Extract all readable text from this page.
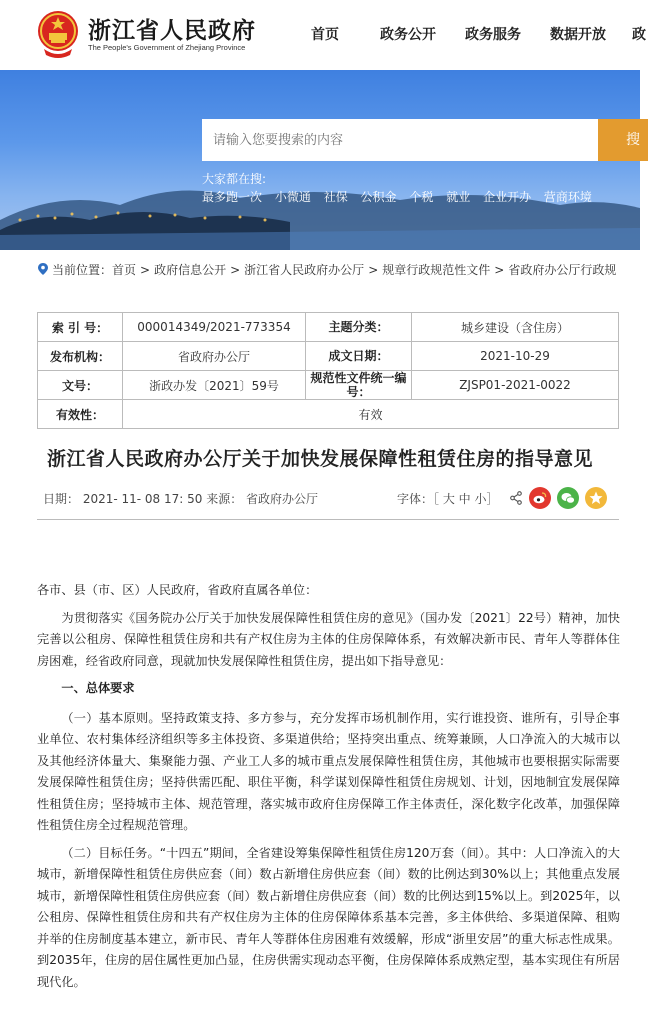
浙江省人民政府
The People's Government of Zhejiang Province
首页	政务公开 政务服务 数据开放 政
请输入您要搜索的内容
搜
大家都在搜:
最多跑一次 小微通 社保 公积金 个税 就业 企业开办 营商环境
当前位置：首页 > 政府信息公开 > 浙江省人民政府办公厅 > 规章行政规范性文件 > 省政府办公厅行政规
索 引 号：	000014349/2021-773354	主题分类：	城乡建设（含住房）
发布机构：	省政府办公厅	成文日期：	2021-10-29
文号：	浙政办发〔2021〕59号	规范性文件统一编号：	ZJSP01-2021-0022
有效性：	有效		
浙江省人民政府办公厅关于加快发展保障性租赁住房的指导意见
日期： 2021- 11- 08 17: 50 来源： 省政府办公厅	字体：［ 大 中 小］

各市、县（市、区）人民政府，省政府直属各单位：

为贯彻落实《国务院办公厅关于加快发展保障性租赁住房的意见》（国办发〔2021〕22号）精神，加快完善以公租房、保障性租赁住房和共有产权住房为主体的住房保障体系，有效解决新市民、青年人等群体住房困难，经省政府同意，现就加快发展保障性租赁住房，提出如下指导意见：

一、总体要求

（一）基本原则。坚持政策支持、多方参与，充分发挥市场机制作用，实行谁投资、谁所有，引导企事业单位、农村集体经济组织等多主体投资、多渠道供给；坚持突出重点、统筹兼顾，人口净流入的大城市以及其他经济体量大、集聚能力强、产业工人多的城市重点发展保障性租赁住房，其他城市也要根据实际需要发展保障性租赁住房；坚持供需匹配、职住平衡，科学谋划保障性租赁住房规划、计划，因地制宜发展保障性租赁住房；坚持城市主体、规范管理，落实城市政府住房保障工作主体责任，深化数字化改革，加强保障性租赁住房全过程规范管理。

（二）目标任务。“十四五”期间，全省建设筹集保障性租赁住房120万套（间）。其中：人口净流入的大城市，新增保障性租赁住房供应套（间）数占新增住房供应套（间）数的比例达到30%以上；其他重点发展城市，新增保障性租赁住房供应套（间）数占新增住房供应套（间）数的比例达到15%以上。到2025年，以公租房、保障性租赁住房和共有产权住房为主体的住房保障体系基本完善，多主体供给、多渠道保障、租购并举的住房制度基本建立，新市民、青年人等群体住房困难有效缓解，形成“浙里安居”的重大标志性成果。到2035年，住房的居住属性更加凸显，住房供需实现动态平衡，住房保障体系成熟定型，基本实现住有所居现代化。
